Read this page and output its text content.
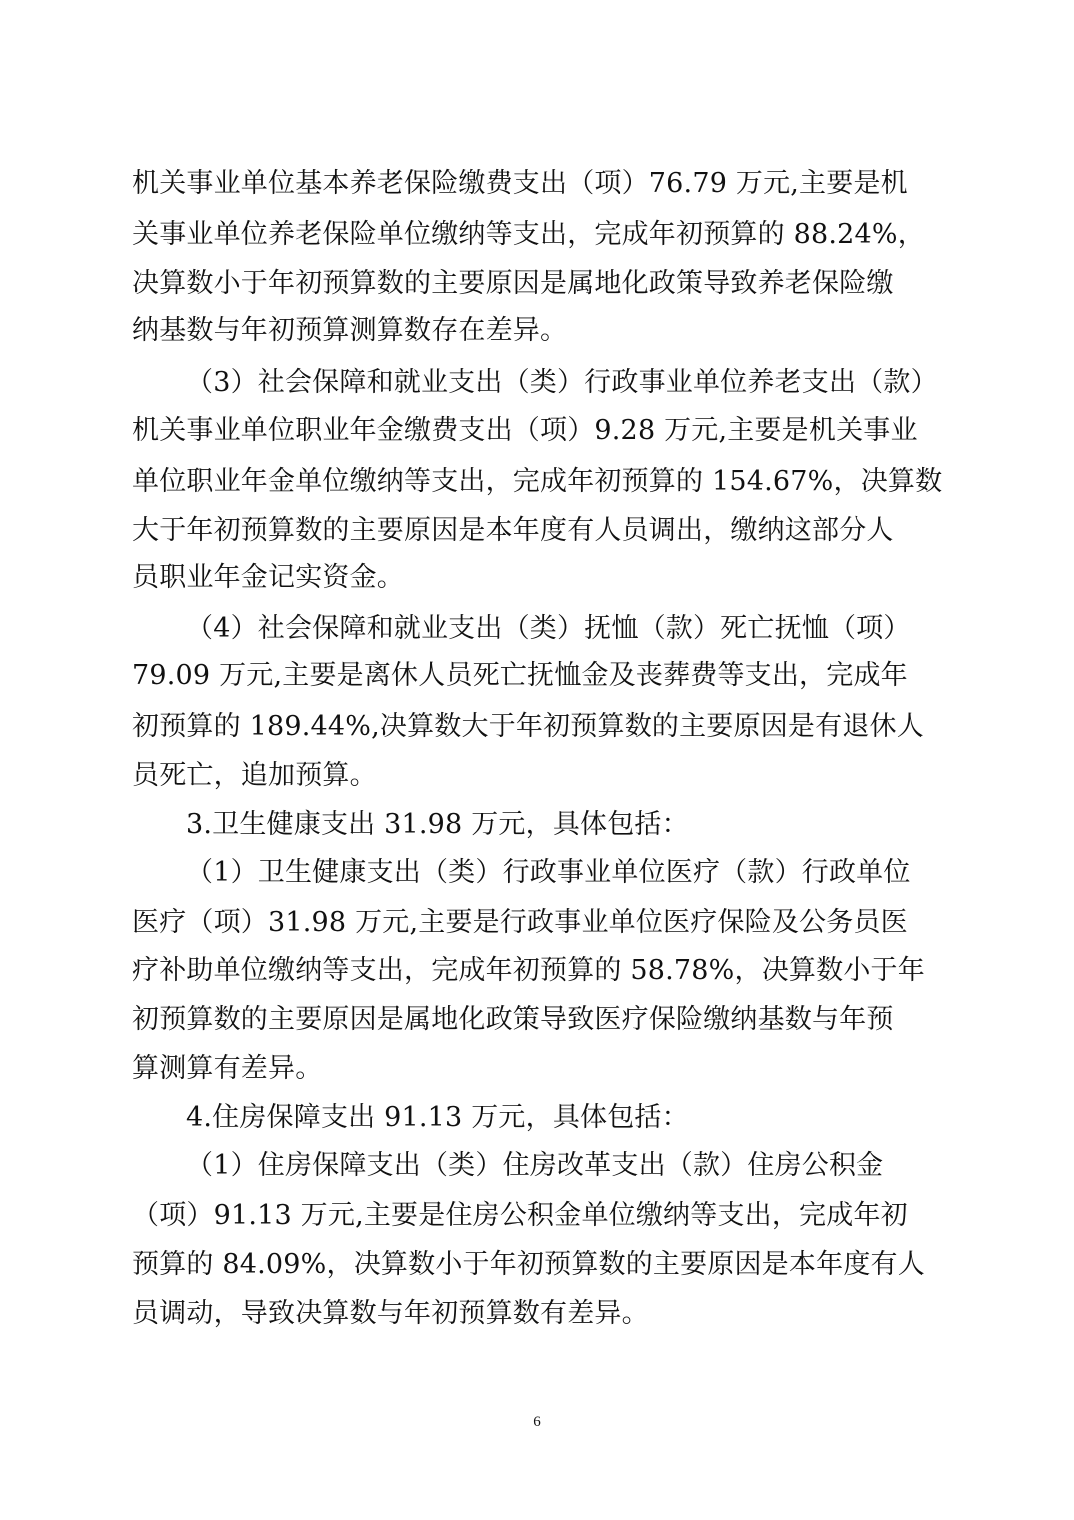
机关事业单位基本养老保险缴费支出（项）76.79 万元,主要是机
关事业单位养老保险单位缴纳等支出，完成年初预算的 88.24%，
决算数小于年初预算数的主要原因是属地化政策导致养老保险缴
纳基数与年初预算测算数存在差异。
（3）社会保障和就业支出（类）行政事业单位养老支出（款）
机关事业单位职业年金缴费支出（项）9.28 万元,主要是机关事业
单位职业年金单位缴纳等支出，完成年初预算的 154.67%，决算数
大于年初预算数的主要原因是本年度有人员调出，缴纳这部分人
员职业年金记实资金。
（4）社会保障和就业支出（类）抚恤（款）死亡抚恤（项）
79.09 万元,主要是离休人员死亡抚恤金及丧葬费等支出，完成年
初预算的 189.44%,决算数大于年初预算数的主要原因是有退休人
员死亡，追加预算。
3.卫生健康支出 31.98 万元，具体包括：
（1）卫生健康支出（类）行政事业单位医疗（款）行政单位
医疗（项）31.98 万元,主要是行政事业单位医疗保险及公务员医
疗补助单位缴纳等支出，完成年初预算的 58.78%，决算数小于年
初预算数的主要原因是属地化政策导致医疗保险缴纳基数与年预
算测算有差异。
4.住房保障支出 91.13 万元，具体包括：
（1）住房保障支出（类）住房改革支出（款）住房公积金
（项）91.13 万元,主要是住房公积金单位缴纳等支出，完成年初
预算的 84.09%，决算数小于年初预算数的主要原因是本年度有人
员调动，导致决算数与年初预算数有差异。
6
